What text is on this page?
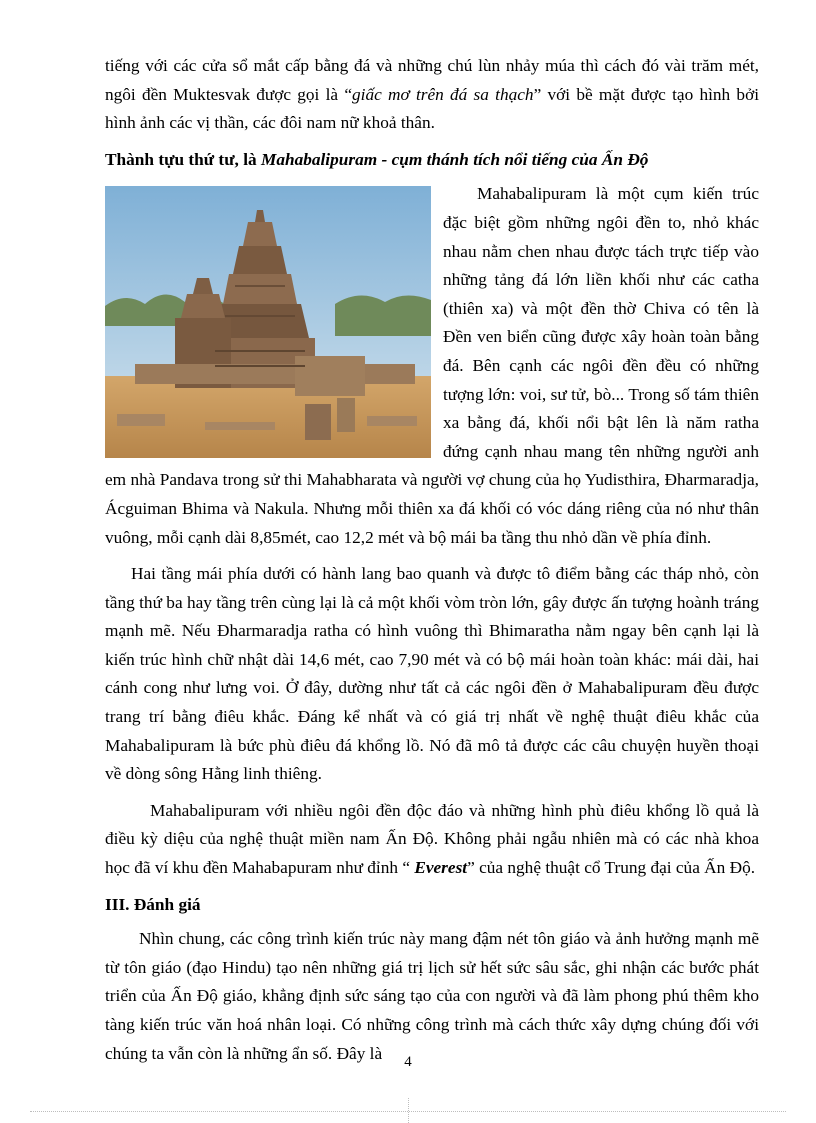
tiếng với các cửa sổ mắt cấp bằng đá và những chú lùn nhảy múa thì cách đó vài trăm mét, ngôi đền Muktesvak được gọi là “giấc mơ trên đá sa thạch” với bề mặt được tạo hình bởi hình ảnh các vị thần, các đôi nam nữ khoả thân.

Thành tựu thứ tư, là Mahabalipuram - cụm thánh tích nổi tiếng của Ấn Độ

Mahabalipuram là một cụm kiến trúc đặc biệt gồm những ngôi đền to, nhỏ khác nhau nằm chen nhau được tách trực tiếp vào những tảng đá lớn liền khối như các catha (thiên xa) và một đền thờ Chiva có tên là Đền ven biển cũng được xây hoàn toàn bằng đá. Bên cạnh các ngôi đền đều có những tượng lớn: voi, sư tử, bò... Trong số tám thiên xa bằng đá, khối nổi bật lên là năm ratha đứng cạnh nhau mang tên những người anh em nhà Pandava trong sử thi Mahabharata và người vợ chung của họ Yudisthira, Đharmaradja, Ácguiman Bhima và Nakula. Nhưng mỗi thiên xa đá khối có vóc dáng riêng của nó như thân vuông, mỗi cạnh dài 8,85mét, cao 12,2 mét và bộ mái ba tầng thu nhỏ dần về phía đỉnh.

Hai tầng mái phía dưới có hành lang bao quanh và được tô điểm bằng các tháp nhỏ, còn tầng thứ ba hay tầng trên cùng lại là cả một khối vòm tròn lớn, gây được ấn tượng hoành tráng mạnh mẽ. Nếu Đharmaradja ratha có hình vuông thì Bhimaratha nằm ngay bên cạnh lại là kiến trúc hình chữ nhật dài 14,6 mét, cao 7,90 mét và có bộ mái hoàn toàn khác: mái dài, hai cánh cong như lưng voi. Ở đây, dường như tất cả các ngôi đền ở Mahabalipuram đều được trang trí bằng điêu khắc. Đáng kể nhất và có giá trị nhất về nghệ thuật điêu khắc của Mahabalipuram là bức phù điêu đá khổng lồ. Nó đã mô tả được các câu chuyện huyền thoại về dòng sông Hằng linh thiêng.

Mahabalipuram với nhiều ngôi đền độc đáo và những hình phù điêu khổng lồ quả là điều kỳ diệu của nghệ thuật miền nam Ấn Độ. Không phải ngẫu nhiên mà có các nhà khoa học đã ví khu đền Mahabapuram như đỉnh “ Everest” của nghệ thuật cổ Trung đại của Ấn Độ.

III. Đánh giá

Nhìn chung, các công trình kiến trúc này mang đậm nét tôn giáo và ảnh hưởng mạnh mẽ từ tôn giáo (đạo Hindu) tạo nên những giá trị lịch sử hết sức sâu sắc, ghi nhận các bước phát triển của Ấn Độ giáo, khẳng định sức sáng tạo của con người và đã làm phong phú thêm kho tàng kiến trúc văn hoá nhân loại. Có những công trình mà cách thức xây dựng chúng đối với chúng ta vẫn còn là những ẩn số. Đây là	4
